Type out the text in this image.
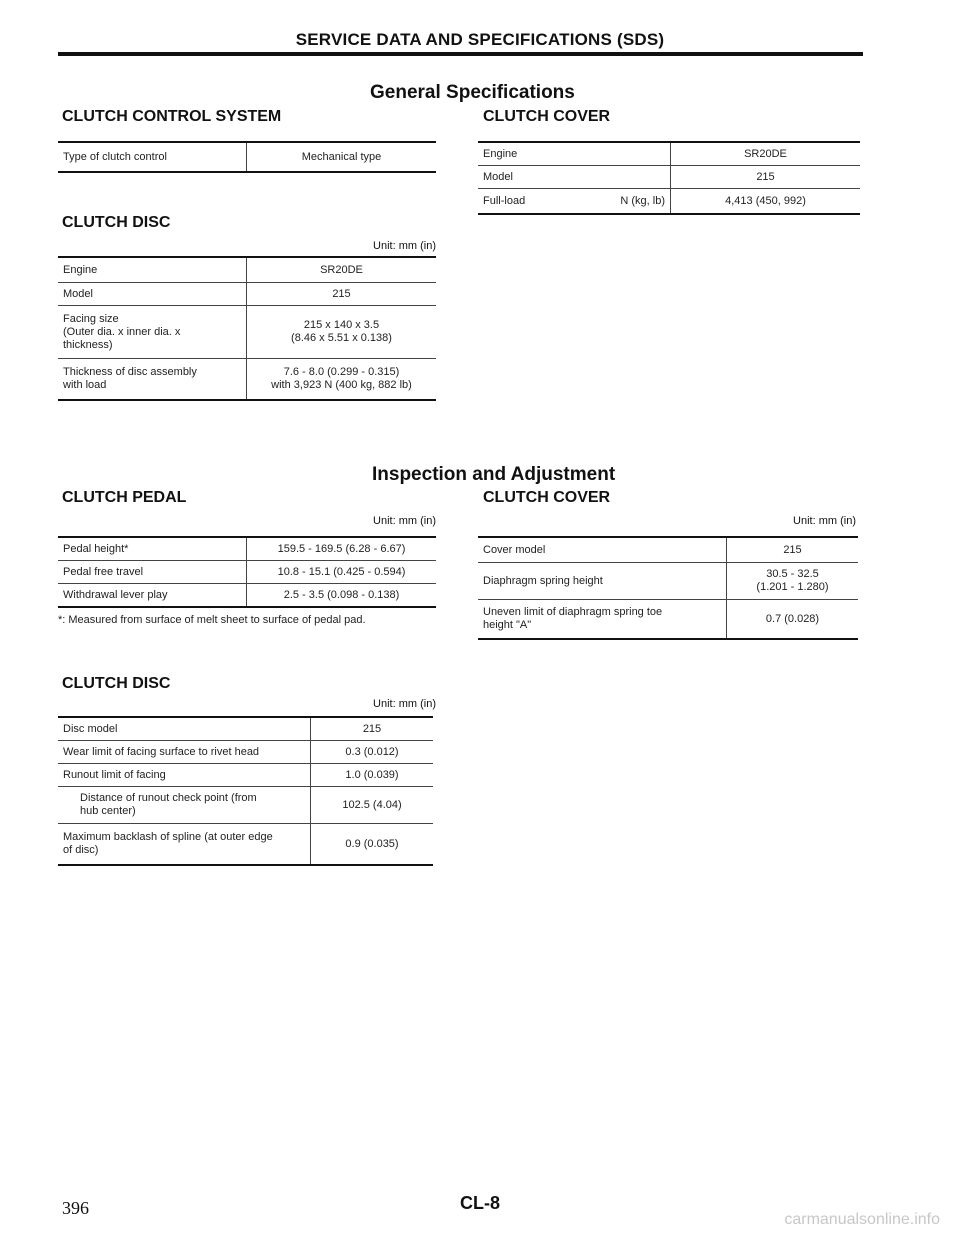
SERVICE DATA AND SPECIFICATIONS (SDS)
General Specifications
CLUTCH CONTROL SYSTEM
Type of clutch control	Mechanical type
CLUTCH DISC
Unit: mm (in)
Engine	SR20DE
Model	215
Facing size
(Outer dia. x inner dia. x
thickness)	215 x 140 x 3.5
(8.46 x 5.51 x 0.138)
Thickness of disc assembly
with load	7.6 - 8.0 (0.299 - 0.315)
with 3,923 N (400 kg, 882 lb)
CLUTCH COVER
Engine	SR20DE

Model	215

Full-load N (kg, lb)	4,413 (450, 992)
Inspection and Adjustment
CLUTCH PEDAL
Unit: mm (in)
Pedal height*	159.5 - 169.5 (6.28 - 6.67)
Pedal free travel	10.8 - 15.1 (0.425 - 0.594)
Withdrawal lever play	2.5 - 3.5 (0.098 - 0.138)
*: Measured from surface of melt sheet to surface of pedal pad.
CLUTCH DISC
Unit: mm (in)
Disc model	215
Wear limit of facing surface to rivet head	0.3 (0.012)
Runout limit of facing	1.0 (0.039)
Distance of runout check point (from
hub center)	102.5 (4.04)
Maximum backlash of spline (at outer edge
of disc)	0.9 (0.035)
CLUTCH COVER
Unit: mm (in)
Cover model	215
Diaphragm spring height	30.5 - 32.5
(1.201 - 1.280)
Uneven limit of diaphragm spring toe
height "A"	0.7 (0.028)
396	CL-8
carmanualsonline.info
